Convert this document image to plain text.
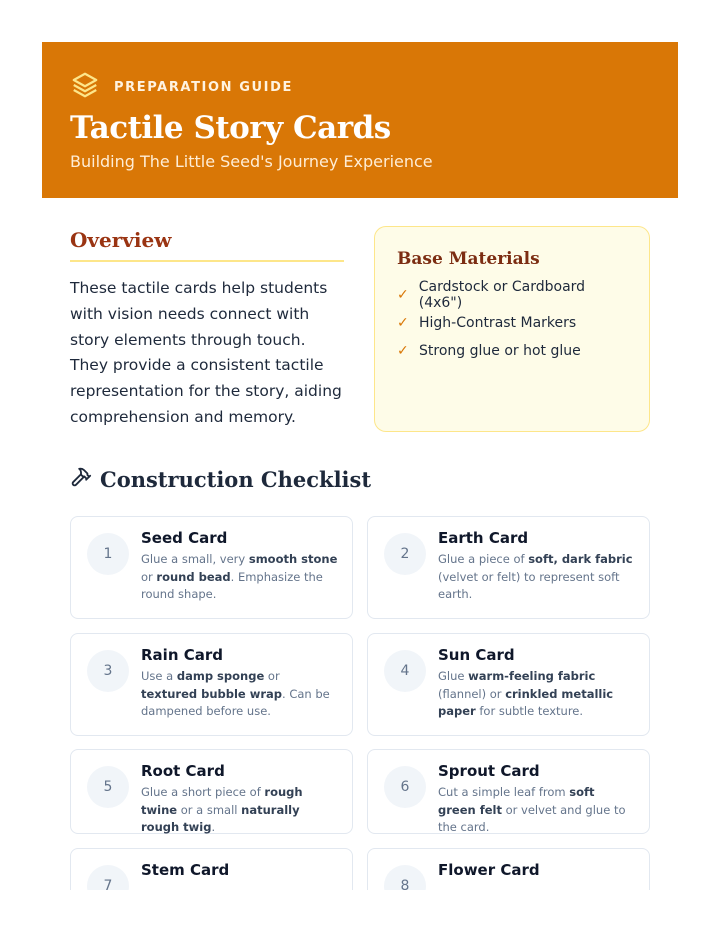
PREPARATION GUIDE
Tactile Story Cards
Building The Little Seed's Journey Experience
Overview
These tactile cards help students with vision needs connect with story elements through touch. They provide a consistent tactile representation for the story, aiding comprehension and memory.
Base Materials
✓ Cardstock or Cardboard (4x6")
✓ High-Contrast Markers
✓ Strong glue or hot glue
Construction Checklist
1
Seed Card
Glue a small, very smooth stone or round bead. Emphasize the round shape.
2
Earth Card
Glue a piece of soft, dark fabric (velvet or felt) to represent soft earth.
3
Rain Card
Use a damp sponge or textured bubble wrap. Can be dampened before use.
4
Sun Card
Glue warm-feeling fabric (flannel) or crinkled metallic paper for subtle texture.
5
Root Card
Glue a short piece of rough twine or a small naturally rough twig.
6
Sprout Card
Cut a simple leaf from soft green felt or velvet and glue to the card.
7
Stem Card
8
Flower Card
